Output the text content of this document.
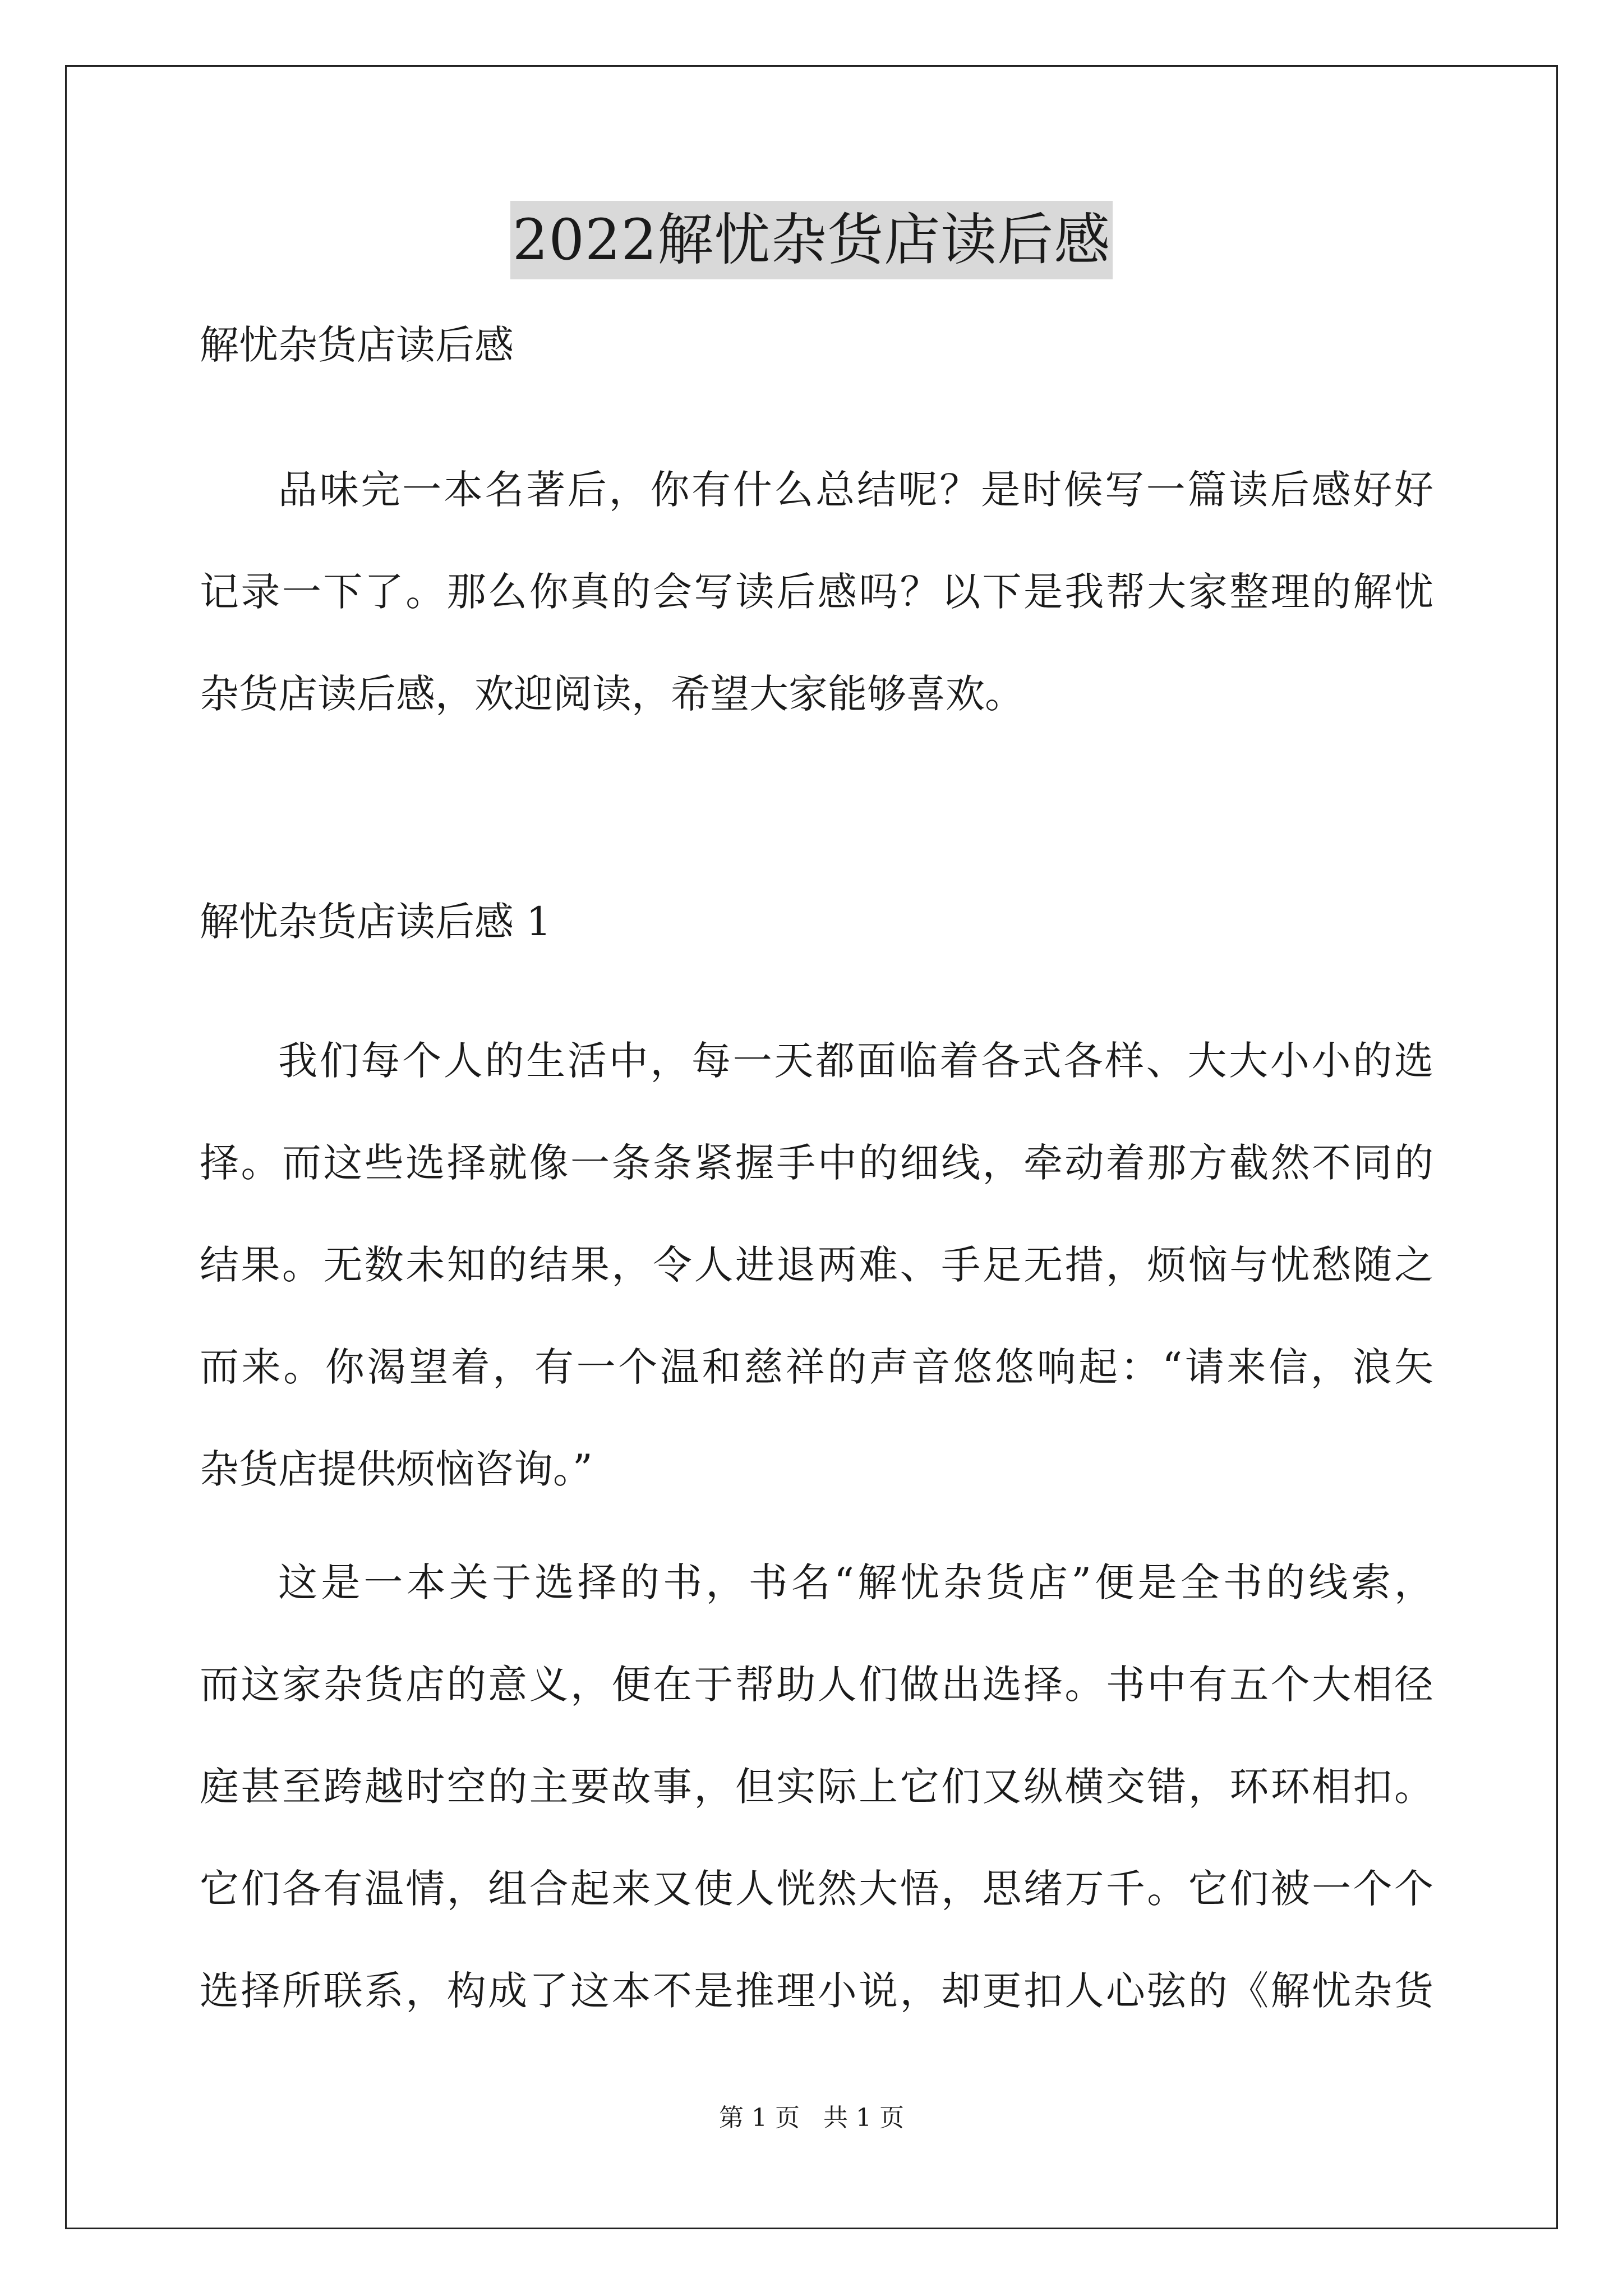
2022解忧杂货店读后感
解忧杂货店读后感
品味完一本名著后，你有什么总结呢？是时候写一篇读后感好好
记录一下了。那么你真的会写读后感吗？以下是我帮大家整理的解忧
杂货店读后感，欢迎阅读，希望大家能够喜欢。
解忧杂货店读后感 1
我们每个人的生活中，每一天都面临着各式各样、大大小小的选
择。而这些选择就像一条条紧握手中的细线，牵动着那方截然不同的
结果。无数未知的结果，令人进退两难、手足无措，烦恼与忧愁随之
而来。你渴望着，有一个温和慈祥的声音悠悠响起：“请来信，浪矢
杂货店提供烦恼咨询。”
这是一本关于选择的书，书名“解忧杂货店”便是全书的线索，
而这家杂货店的意义，便在于帮助人们做出选择。书中有五个大相径
庭甚至跨越时空的主要故事，但实际上它们又纵横交错，环环相扣。
它们各有温情，组合起来又使人恍然大悟，思绪万千。它们被一个个
选择所联系，构成了这本不是推理小说，却更扣人心弦的《解忧杂货
第 1 页   共 1 页
